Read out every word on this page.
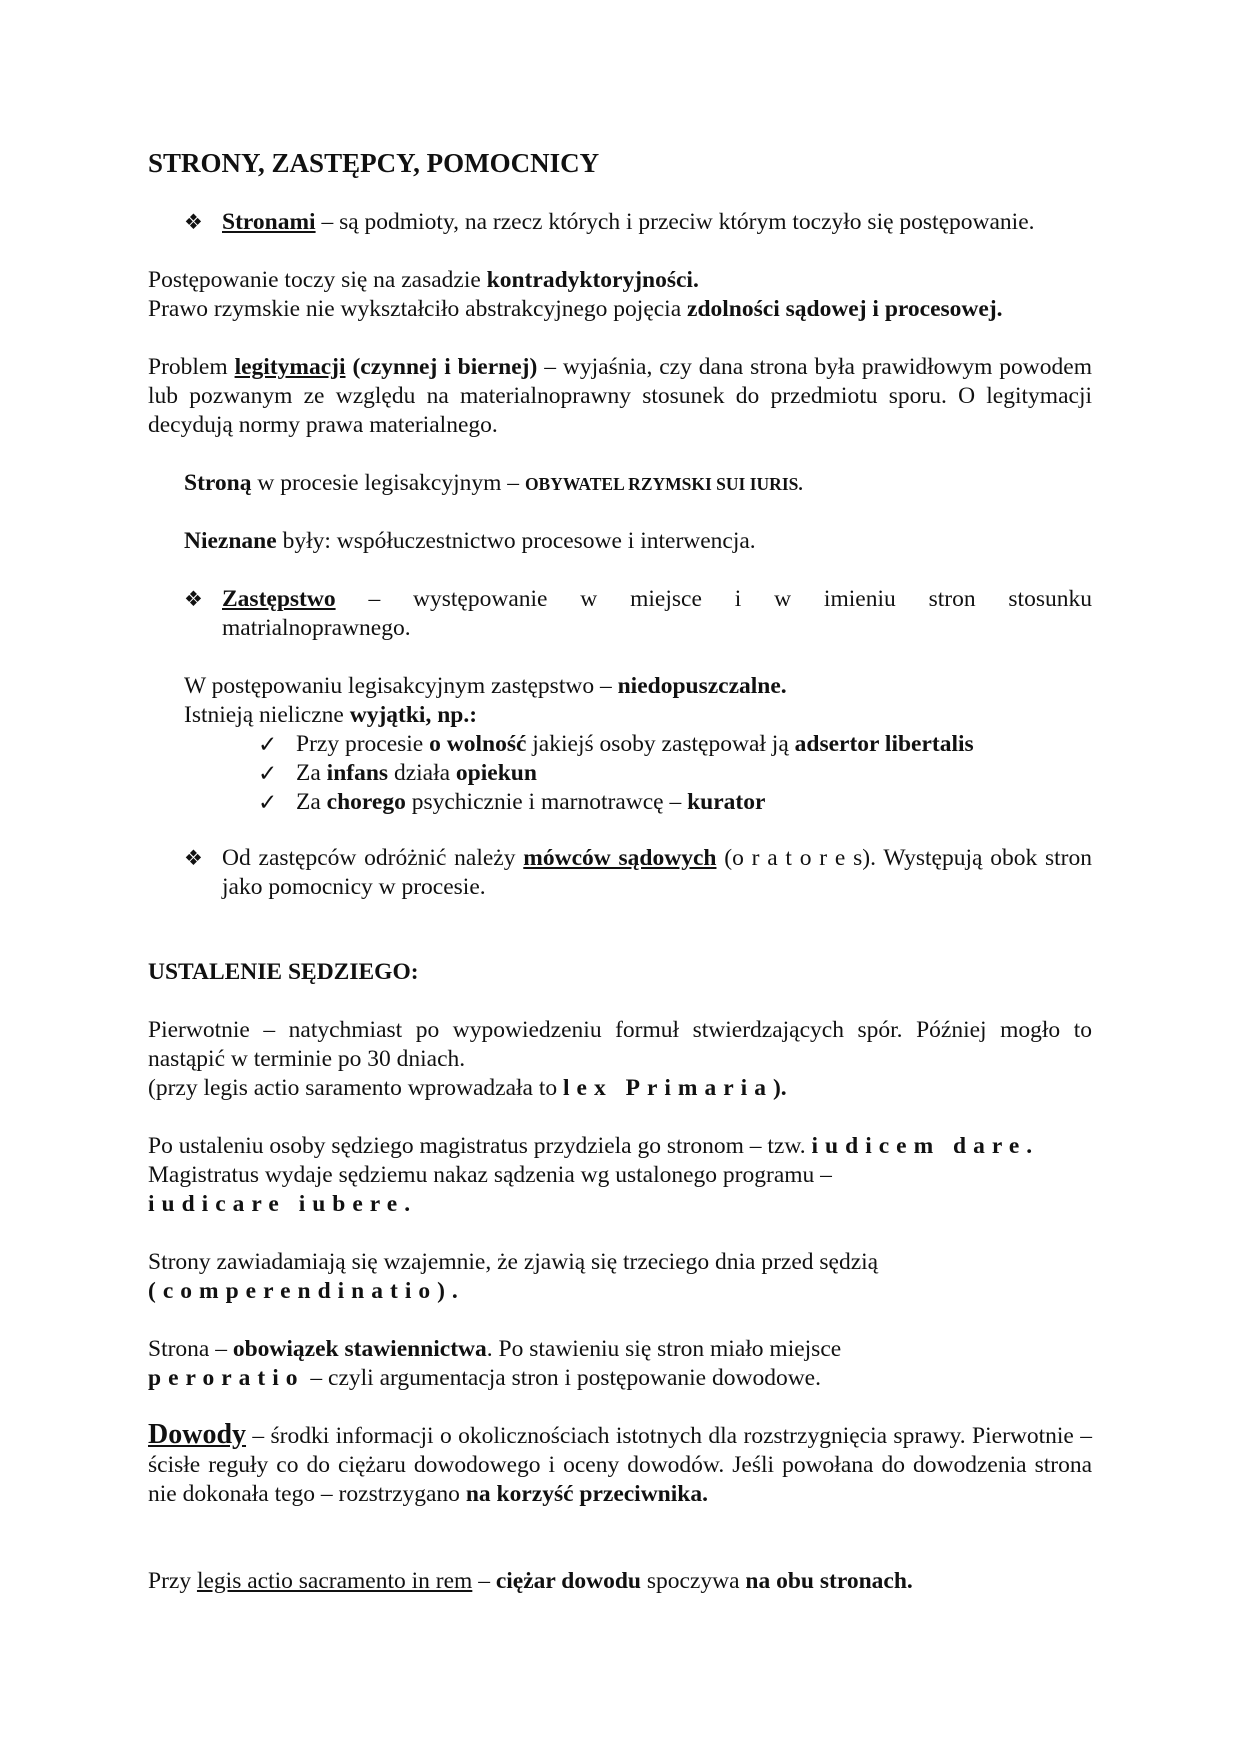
STRONY, ZASTĘPCY, POMOCNICY
❖ Stronami – są podmioty, na rzecz których i przeciw którym toczyło się postępowanie.

Postępowanie toczy się na zasadzie kontradyktoryjności.

Prawo rzymskie nie wykształciło abstrakcyjnego pojęcia zdolności sądowej i procesowej.

Problem legitymacji (czynnej i biernej) – wyjaśnia, czy dana strona była prawidłowym powodem lub pozwanym ze względu na materialnoprawny stosunek do przedmiotu sporu. O legitymacji decydują normy prawa materialnego.

Stroną w procesie legisakcyjnym – OBYWATEL RZYMSKI SUI IURIS.

Nieznane były: współuczestnictwo procesowe i interwencja.

❖ Zastępstwo – występowanie w miejsce i w imieniu stron stosunku

matrialnoprawnego.

W postępowaniu legisakcyjnym zastępstwo – niedopuszczalne.

Istnieją nieliczne wyjątki, np.:

✓ Przy procesie o wolność jakiejś osoby zastępował ją adsertor libertalis

✓ Za infans działa opiekun

✓ Za chorego psychicznie i marnotrawcę – kurator

❖ Od zastępców odróżnić należy mówców sądowych (o r a t o r e s). Występują obok stron jako pomocnicy w procesie.

USTALENIE SĘDZIEGO:

Pierwotnie – natychmiast po wypowiedzeniu formuł stwierdzających spór. Później mogło to nastąpić w terminie po 30 dniach.

(przy legis actio saramento wprowadzała to lex Primaria).

Po ustaleniu osoby sędziego magistratus przydziela go stronom – tzw. iudicem dare.

Magistratus wydaje sędziemu nakaz sądzenia wg ustalonego programu –

iudicare iubere.

Strony zawiadamiają się wzajemnie, że zjawią się trzeciego dnia przed sędzią

(comperendinatio).

Strona – obowiązek stawiennictwa. Po stawieniu się stron miało miejsce

peroratio – czyli argumentacja stron i postępowanie dowodowe.

Dowody – środki informacji o okolicznościach istotnych dla rozstrzygnięcia sprawy. Pierwotnie – ścisłe reguły co do ciężaru dowodowego i oceny dowodów. Jeśli powołana do dowodzenia strona nie dokonała tego – rozstrzygano na korzyść przeciwnika.

Przy legis actio sacramento in rem – ciężar dowodu spoczywa na obu stronach.
